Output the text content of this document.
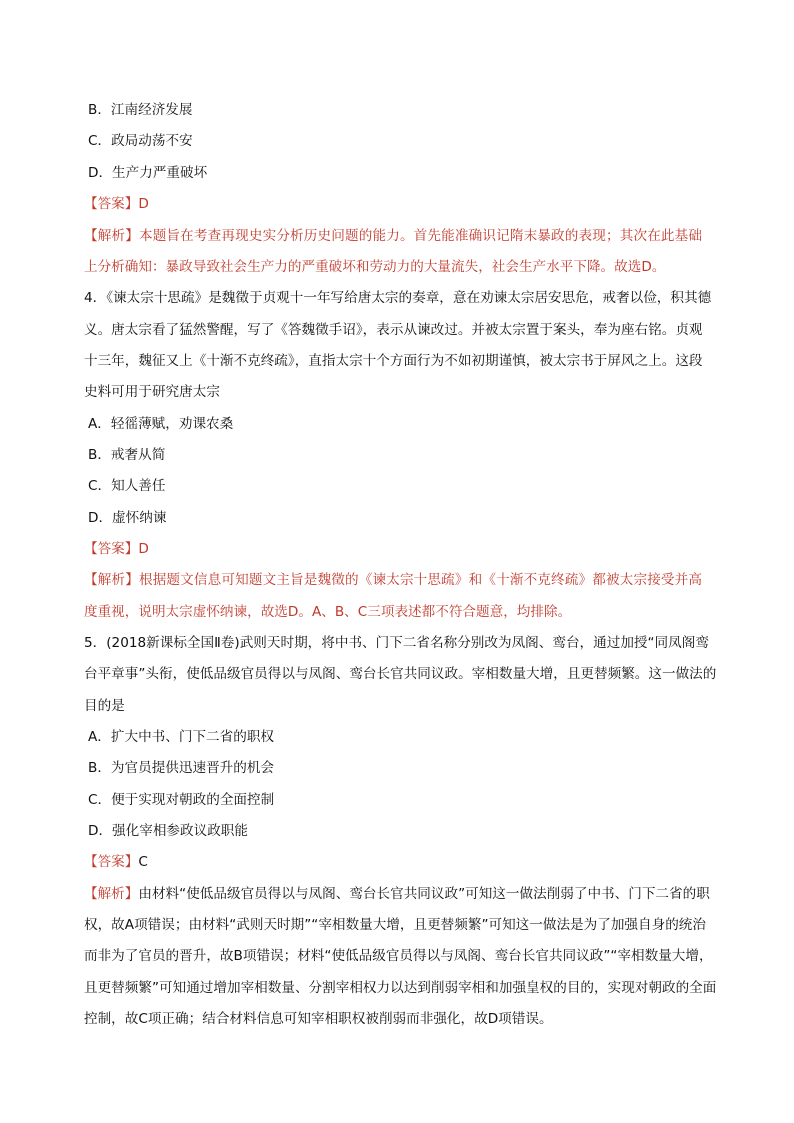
B．江南经济发展
C．政局动荡不安
D．生产力严重破坏
【答案】D
【解析】本题旨在考查再现史实分析历史问题的能力。首先能准确识记隋末暴政的表现；其次在此基础
上分析确知：暴政导致社会生产力的严重破坏和劳动力的大量流失，社会生产水平下降。故选D。
4．《谏太宗十思疏》是魏徵于贞观十一年写给唐太宗的奏章，意在劝谏太宗居安思危，戒奢以俭，积其德
义。唐太宗看了猛然警醒，写了《答魏徵手诏》，表示从谏改过。并被太宗置于案头，奉为座右铭。贞观
十三年，魏征又上《十渐不克终疏》，直指太宗十个方面行为不如初期谨慎，被太宗书于屏风之上。这段
史料可用于研究唐太宗
A．轻徭薄赋，劝课农桑
B．戒奢从简
C．知人善任
D．虚怀纳谏
【答案】D
【解析】根据题文信息可知题文主旨是魏徵的《谏太宗十思疏》和《十渐不克终疏》都被太宗接受并高
度重视，说明太宗虚怀纳谏，故选D。A、B、C三项表述都不符合题意，均排除。
5．(2018新课标全国Ⅱ卷)武则天时期，将中书、门下二省名称分别改为凤阁、鸾台，通过加授“同凤阁鸾
台平章事”头衔，使低品级官员得以与凤阁、鸾台长官共同议政。宰相数量大增，且更替频繁。这一做法的
目的是
A．扩大中书、门下二省的职权
B．为官员提供迅速晋升的机会
C．便于实现对朝政的全面控制
D．强化宰相参政议政职能
【答案】C
【解析】由材料“使低品级官员得以与凤阁、鸾台长官共同议政”可知这一做法削弱了中书、门下二省的职
权，故A项错误；由材料“武则天时期”“宰相数量大增，且更替频繁”可知这一做法是为了加强自身的统治
而非为了官员的晋升，故B项错误；材料“使低品级官员得以与凤阁、鸾台长官共同议政”“宰相数量大增，
且更替频繁”可知通过增加宰相数量、分割宰相权力以达到削弱宰相和加强皇权的目的，实现对朝政的全面
控制，故C项正确；结合材料信息可知宰相职权被削弱而非强化，故D项错误。
